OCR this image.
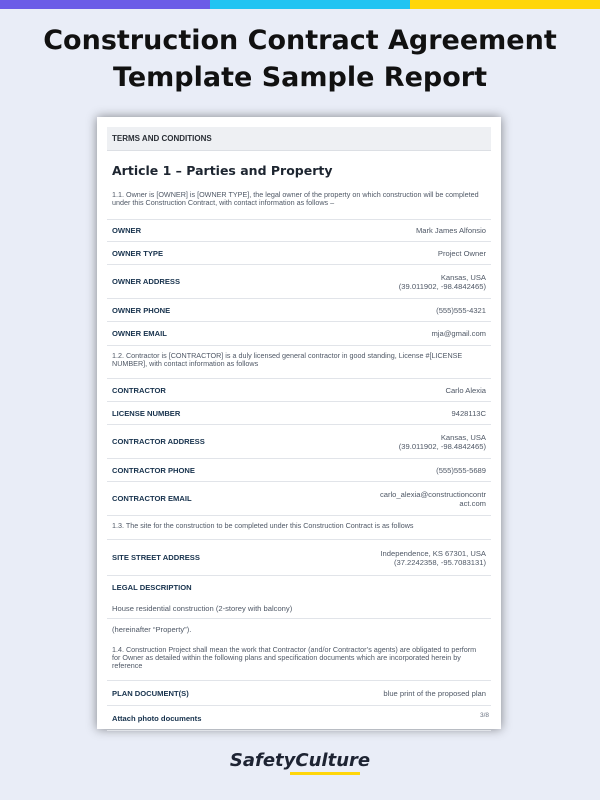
Construction Contract Agreement
Template Sample Report
TERMS AND CONDITIONS
Article 1 – Parties and Property
1.1. Owner is [OWNER] is [OWNER TYPE], the legal owner of the property on which construction will be completed under this Construction Contract, with contact information as follows –
OWNER	Mark James Alfonsio
OWNER TYPE	Project Owner
OWNER ADDRESS	Kansas, USA
(39.011902, -98.4842465)
OWNER PHONE	(555)555-4321
OWNER EMAIL	mja@gmail.com
1.2. Contractor is [CONTRACTOR] is a duly licensed general contractor in good standing, License #[LICENSE NUMBER], with contact information as follows
CONTRACTOR	Carlo Alexia
LICENSE NUMBER	9428113C
CONTRACTOR ADDRESS	Kansas, USA
(39.011902, -98.4842465)
CONTRACTOR PHONE	(555)555-5689
CONTRACTOR EMAIL	carlo_alexia@constructioncontr
act.com
1.3. The site for the construction to be completed under this Construction Contract is as follows
SITE STREET ADDRESS	Independence, KS 67301, USA
(37.2242358, -95.7083131)
LEGAL DESCRIPTION
House residential construction (2-storey with balcony)
(hereinafter “Property”).
1.4. Construction Project shall mean the work that Contractor (and/or Contractor’s agents) are obligated to perform for Owner as detailed within the following plans and specification documents which are incorporated herein by reference
PLAN DOCUMENT(S)	blue print of the proposed plan
Attach photo documents	3/8
SafetyCulture
